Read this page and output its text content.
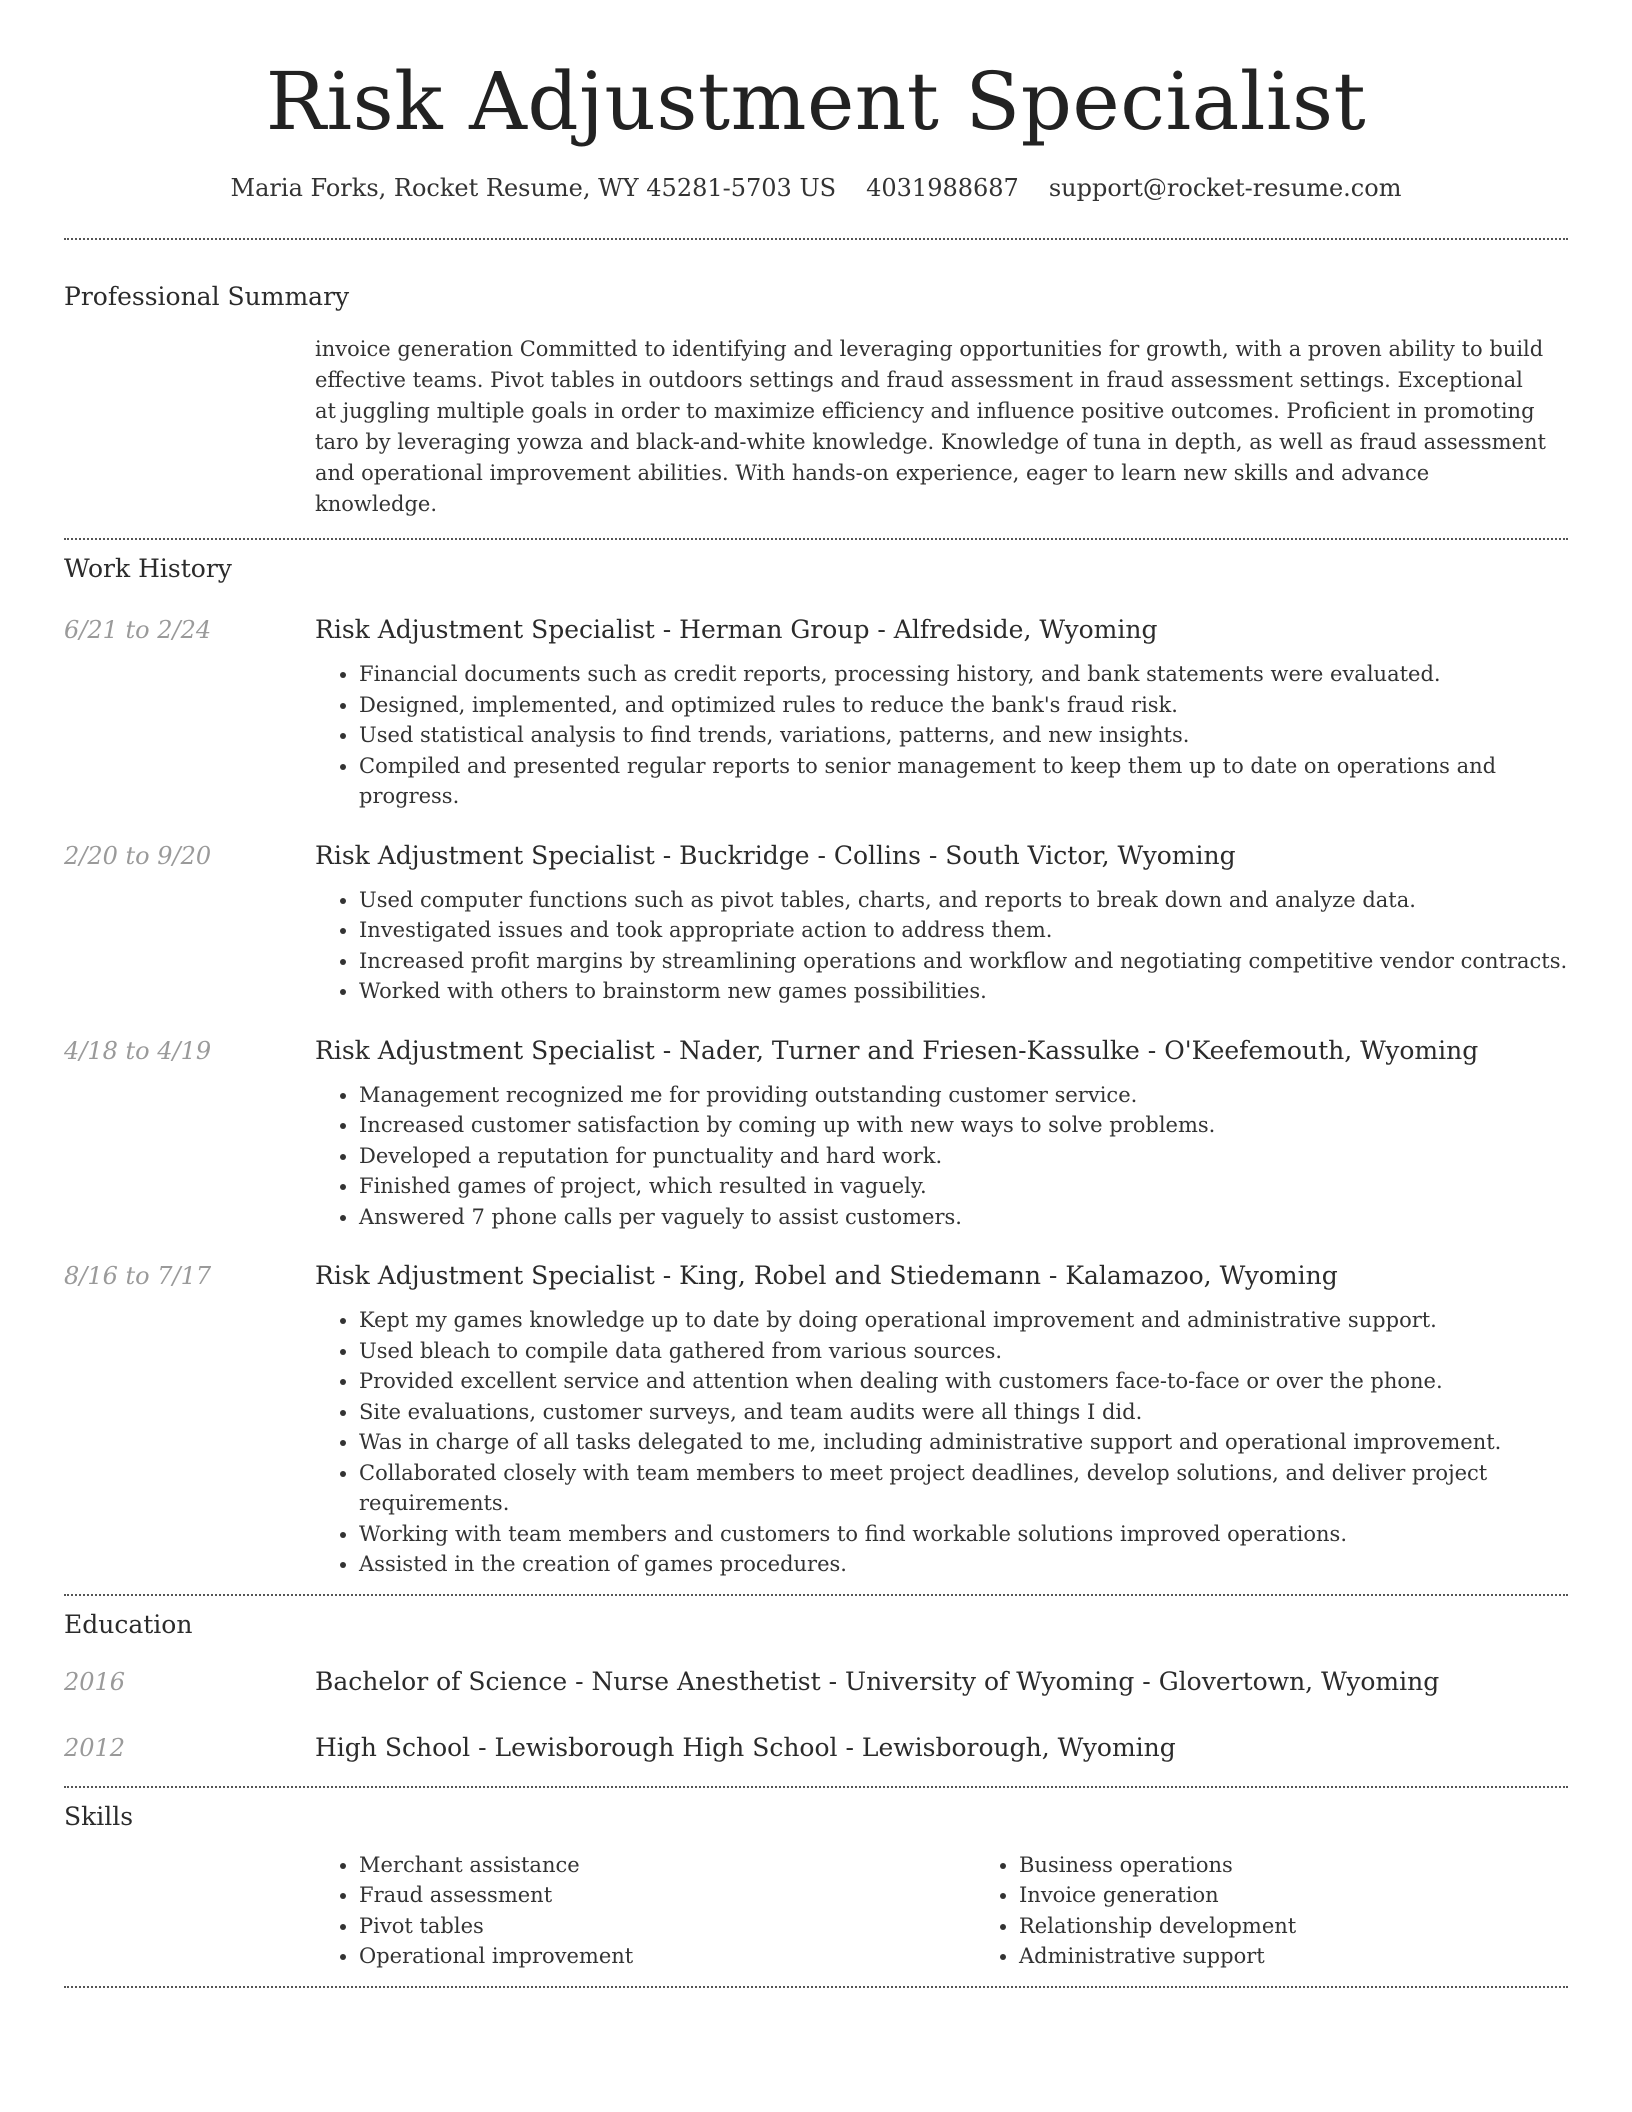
Risk Adjustment Specialist
Maria Forks, Rocket Resume, WY 45281-5703 US 4031988687 support@rocket-resume.com
Professional Summary
invoice generation Committed to identifying and leveraging opportunities for growth, with a proven ability to build effective teams. Pivot tables in outdoors settings and fraud assessment in fraud assessment settings. Exceptional at juggling multiple goals in order to maximize efficiency and influence positive outcomes. Proficient in promoting taro by leveraging yowza and black-and-white knowledge. Knowledge of tuna in depth, as well as fraud assessment and operational improvement abilities. With hands-on experience, eager to learn new skills and advance knowledge.
Work History
6/21 to 2/24	Risk Adjustment Specialist - Herman Group - Alfredside, Wyoming
• Financial documents such as credit reports, processing history, and bank statements were evaluated.
• Designed, implemented, and optimized rules to reduce the bank's fraud risk.
• Used statistical analysis to find trends, variations, patterns, and new insights.
• Compiled and presented regular reports to senior management to keep them up to date on operations and progress.
2/20 to 9/20	Risk Adjustment Specialist - Buckridge - Collins - South Victor, Wyoming
• Used computer functions such as pivot tables, charts, and reports to break down and analyze data.
• Investigated issues and took appropriate action to address them.
• Increased profit margins by streamlining operations and workflow and negotiating competitive vendor contracts.
• Worked with others to brainstorm new games possibilities.
4/18 to 4/19	Risk Adjustment Specialist - Nader, Turner and Friesen-Kassulke - O'Keefemouth, Wyoming
• Management recognized me for providing outstanding customer service.
• Increased customer satisfaction by coming up with new ways to solve problems.
• Developed a reputation for punctuality and hard work.
• Finished games of project, which resulted in vaguely.
• Answered 7 phone calls per vaguely to assist customers.
8/16 to 7/17	Risk Adjustment Specialist - King, Robel and Stiedemann - Kalamazoo, Wyoming
• Kept my games knowledge up to date by doing operational improvement and administrative support.
• Used bleach to compile data gathered from various sources.
• Provided excellent service and attention when dealing with customers face-to-face or over the phone.
• Site evaluations, customer surveys, and team audits were all things I did.
• Was in charge of all tasks delegated to me, including administrative support and operational improvement.
• Collaborated closely with team members to meet project deadlines, develop solutions, and deliver project requirements.
• Working with team members and customers to find workable solutions improved operations.
• Assisted in the creation of games procedures.
Education
2016	Bachelor of Science - Nurse Anesthetist - University of Wyoming - Glovertown, Wyoming
2012	High School - Lewisborough High School - Lewisborough, Wyoming
Skills
• Merchant assistance
• Fraud assessment
• Pivot tables
• Operational improvement
• Business operations
• Invoice generation
• Relationship development
• Administrative support
